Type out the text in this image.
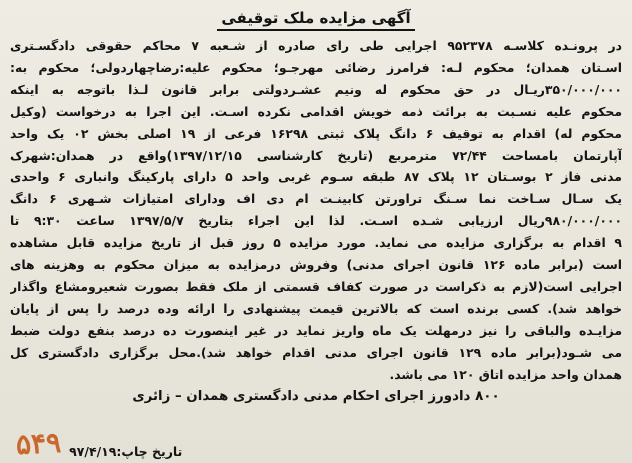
آگهی مزایده ملک توقیفی
در پرونـده کلاسـه ۹۵۲۳۷۸ اجرایی طی رای صادره از شـعبه ۷ محاکم حقوقی دادگسـتری
اسـتان همدان؛ محکوم لـه: فرامرز رضائی مهرجـو؛ محکوم علیه:رضاچهاردولی؛ محکوم به:
۳۵۰/۰۰۰/۰۰۰ریـال در حق محکوم له ونیم عشـردولتی برابر قانون لـذا باتوجه به اینکه
محکوم علیه نسـبت به برائت ذمه خویش اقدامی نکرده اسـت. این اجرا به درخواست (وکیل
محکوم له) اقدام به توقیف ۶ دانگ پلاک ثبتی ۱۶۲۹۸ فرعی از ۱۹ اصلی بخش ۰۲ یک واحد
آپارتمان بامساحت ۷۲/۴۴ مترمربع (تاریخ کارشناسی ۱۳۹۷/۱۲/۱۵)واقع در همدان:شهرک
مدنی فاز ۲ بوسـتان ۱۲ پلاک ۸۷ طبقه سـوم غربی واحد ۵ دارای پارکینگ وانباری ۶ واحدی
یک سـال سـاخت نما سـنگ تراورتن کابینـت ام دی اف ودارای امتیازات شـهری ۶ دانگ
۹۸۰/۰۰۰/۰۰۰ریال ارزیابی شـده اسـت. لذا این اجراء بتاریخ ۱۳۹۷/۵/۷ ساعت ۹:۳۰ تا
۹ اقدام به برگزاری مزایده می نماید. مورد مزایده ۵ روز قبل از تاریخ مزایده قابل مشاهده
است (برابر ماده ۱۲۶ قانون اجرای مدنی) وفروش درمزایده به میزان محکوم به وهزینه های
اجرایی است(لازم به ذکراست در صورت کفاف قسمتی از ملک فقط بصورت شعیرومشاع واگذار
خواهد شد). کسی برنده است که بالاترین قیمت پیشنهادی را ارائه وده درصد را پس از پایان
مزایـده والباقی را نیز درمهلت یک ماه واریز نماید در غیر اینصورت ده درصد بنفع دولت ضبط
می شـود(برابر ماده ۱۲۹ قانون اجرای مدنی اقدام خواهد شد).محل برگزاری دادگستری کل
همدان واحد مزایده اتاق ۱۲۰ می باشد.
۸۰۰ دادورز اجرای احکام مدنی دادگستری همدان – زائری
۵۴۹ تاریخ چاپ:۹۷/۴/۱۹
